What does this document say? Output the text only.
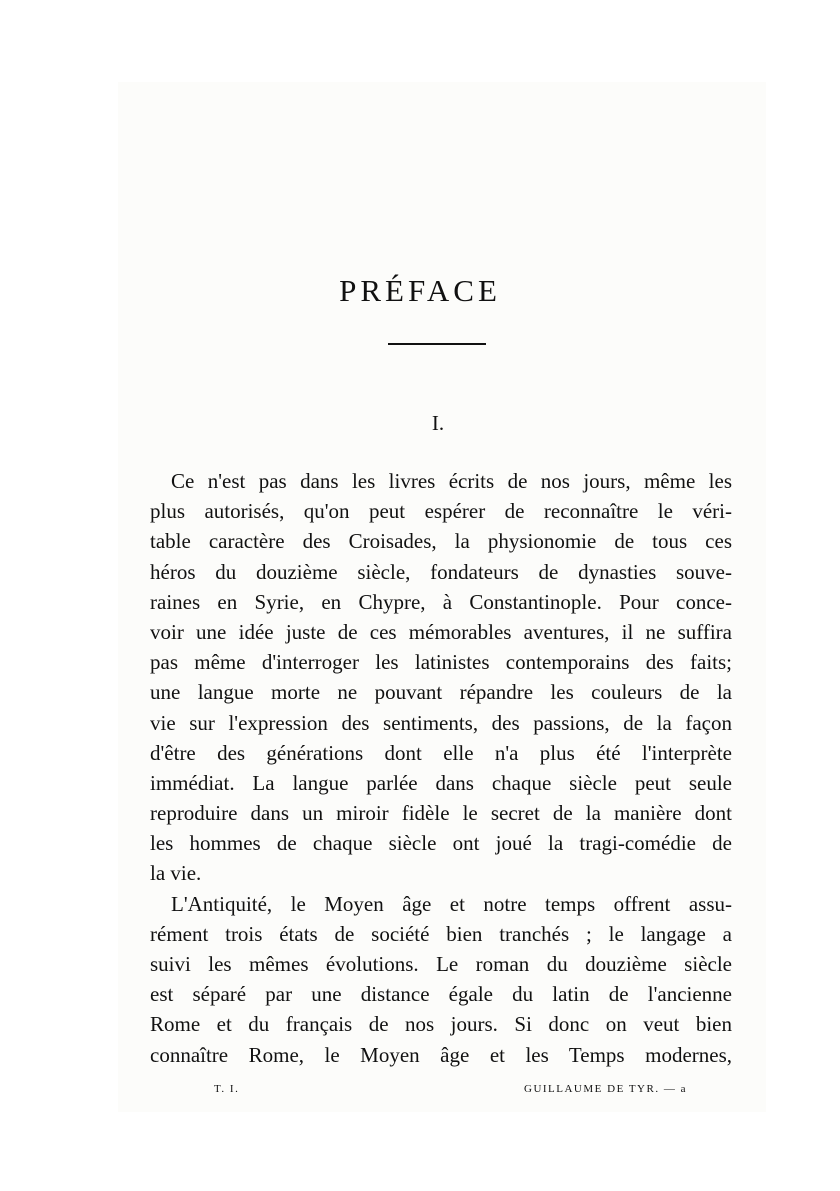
PRÉFACE
I.
Ce n'est pas dans les livres écrits de nos jours, même les
plus autorisés, qu'on peut espérer de reconnaître le véri-
table caractère des Croisades, la physionomie de tous ces
héros du douzième siècle, fondateurs de dynasties souve-
raines en Syrie, en Chypre, à Constantinople. Pour conce-
voir une idée juste de ces mémorables aventures, il ne suffira
pas même d'interroger les latinistes contemporains des faits;
une langue morte ne pouvant répandre les couleurs de la
vie sur l'expression des sentiments, des passions, de la façon
d'être des générations dont elle n'a plus été l'interprète
immédiat. La langue parlée dans chaque siècle peut seule
reproduire dans un miroir fidèle le secret de la manière dont
les hommes de chaque siècle ont joué la tragi-comédie de
la vie.
L'Antiquité, le Moyen âge et notre temps offrent assu-
rément trois états de société bien tranchés ; le langage a
suivi les mêmes évolutions. Le roman du douzième siècle
est séparé par une distance égale du latin de l'ancienne
Rome et du français de nos jours. Si donc on veut bien
connaître Rome, le Moyen âge et les Temps modernes,
T. I.	GUILLAUME DE TYR. — a
